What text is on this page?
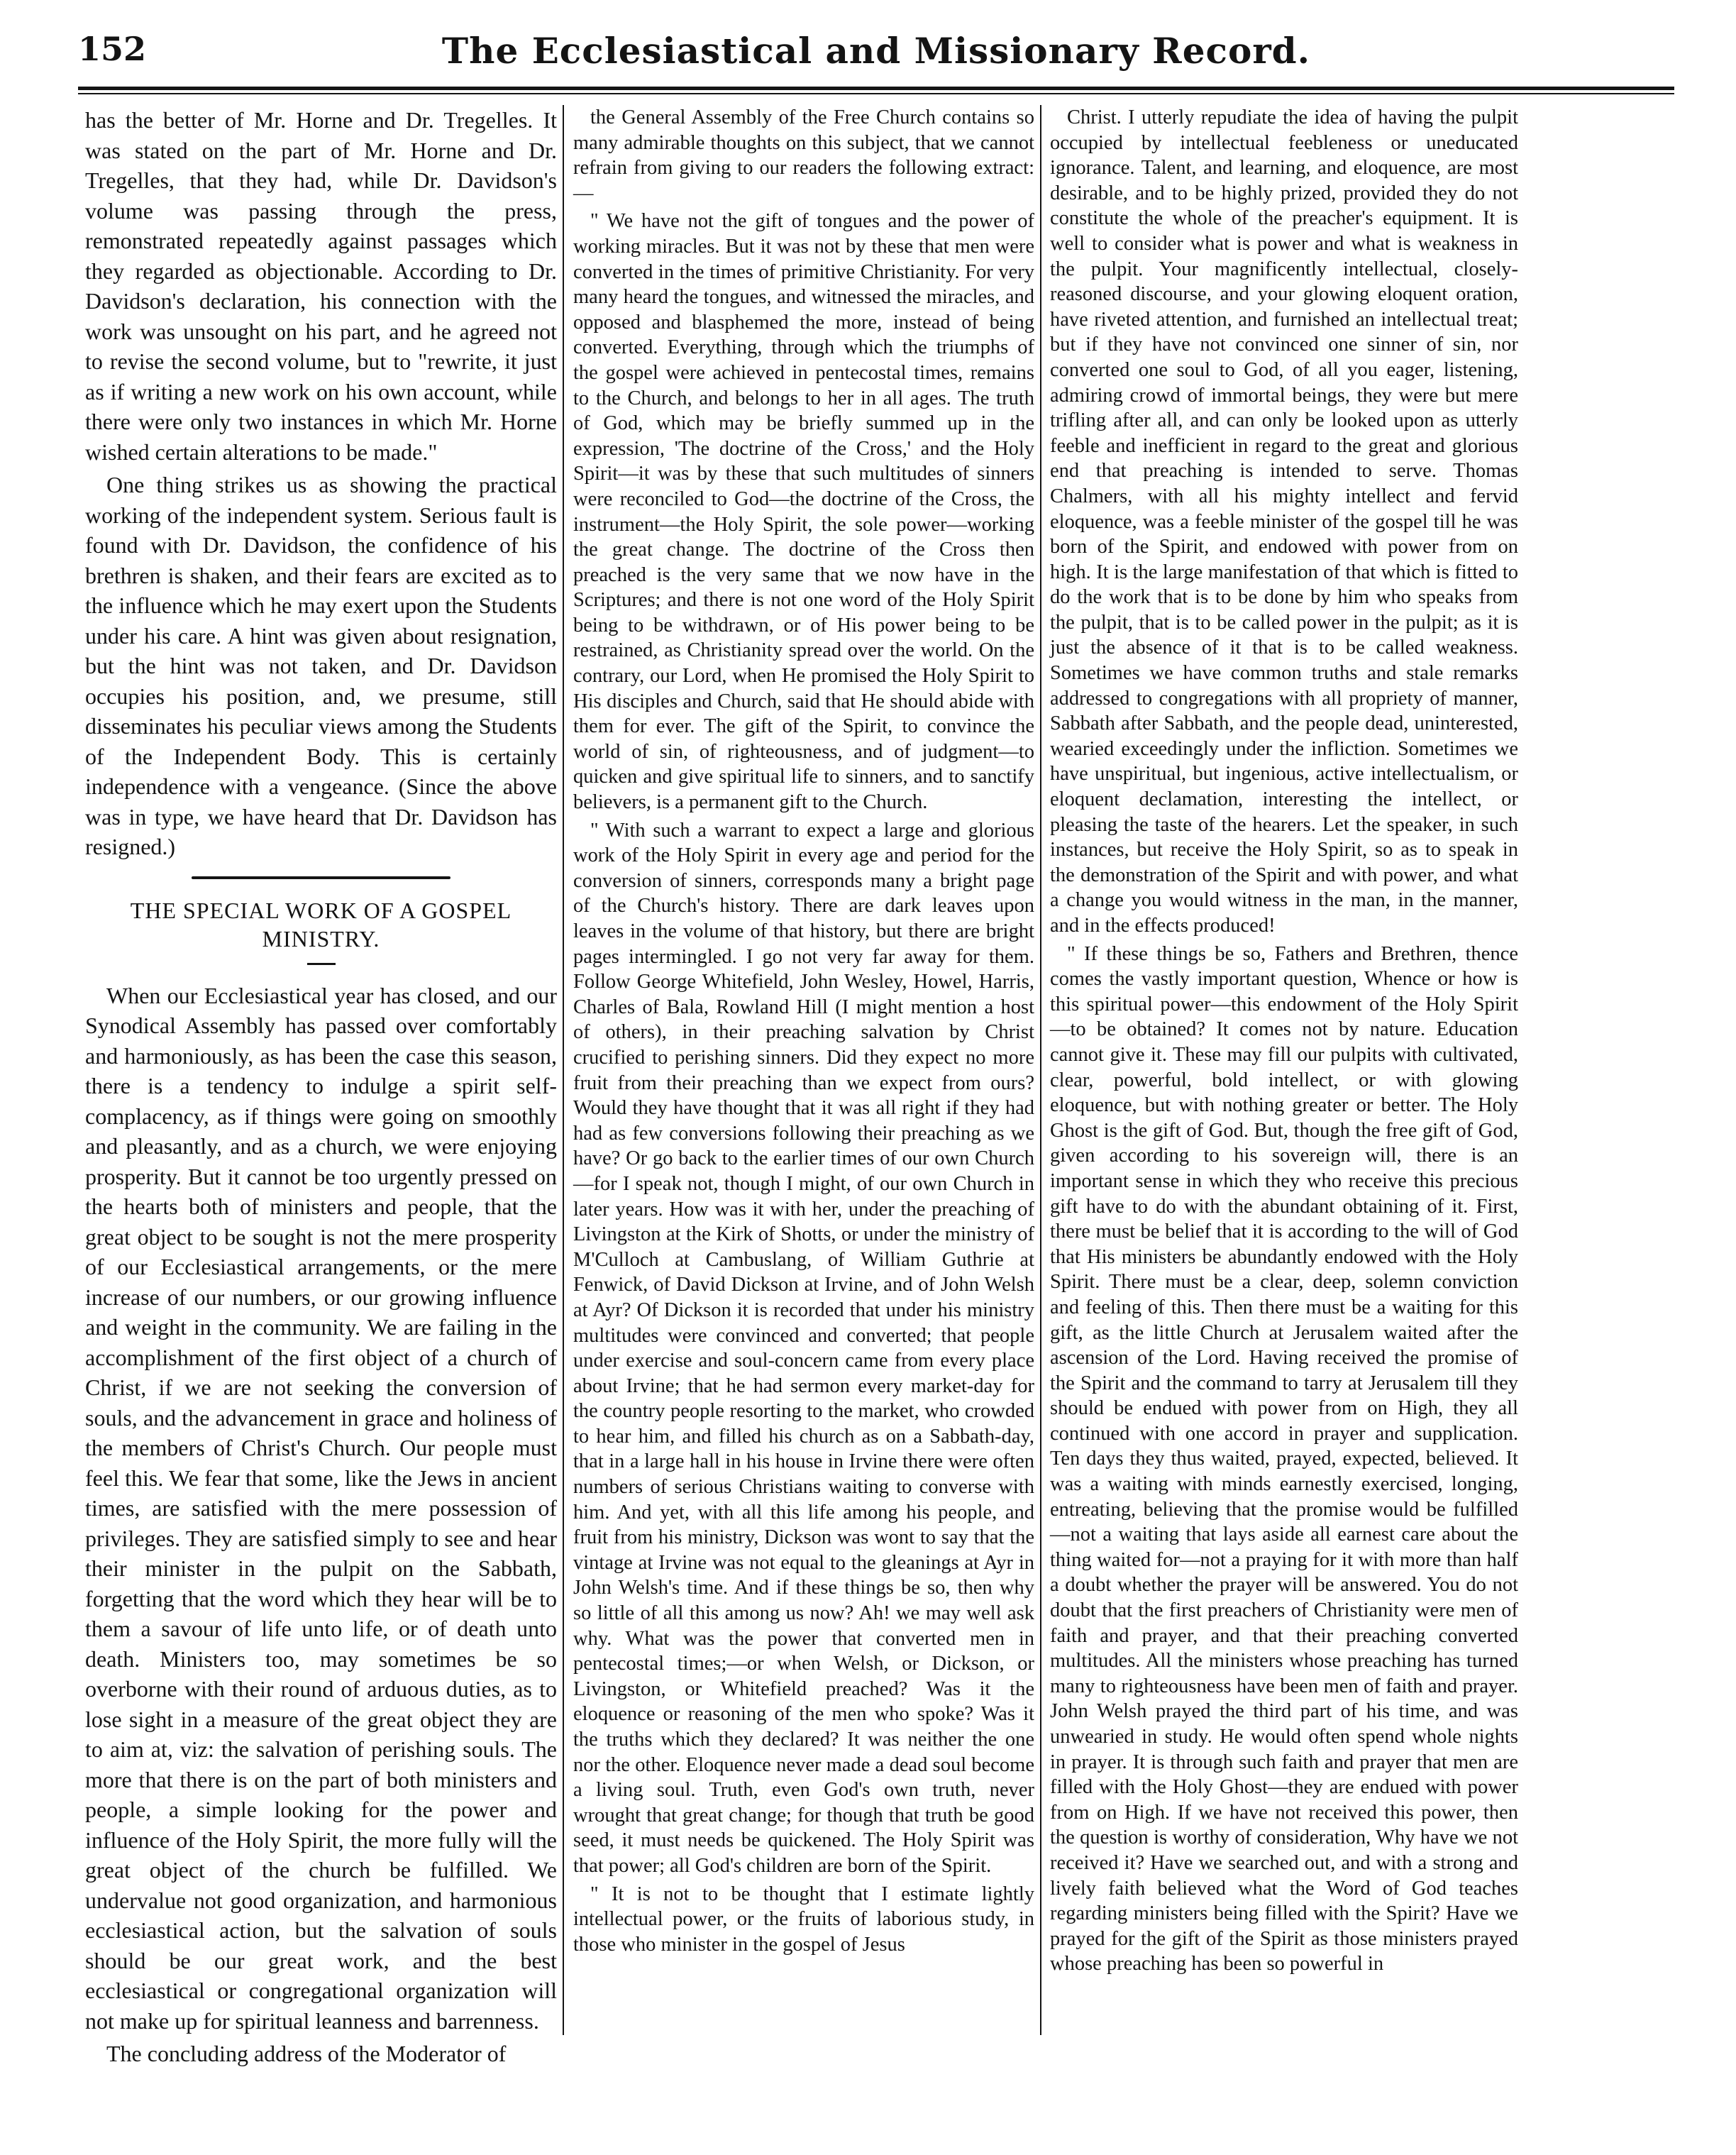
152	The Ecclesiastical and Missionary Record.

has the better of Mr. Horne and Dr. Tregelles. It was stated on the part of Mr. Horne and Dr. Tregelles, that they had, while Dr. Davidson's volume was passing through the press, remonstrated repeatedly against passages which they regarded as objectionable. According to Dr. Davidson's declaration, his connection with the work was unsought on his part, and he agreed not to revise the second volume, but to "rewrite, it just as if writing a new work on his own account, while there were only two instances in which Mr. Horne wished certain alterations to be made."

One thing strikes us as showing the practical working of the independent system. Serious fault is found with Dr. Davidson, the confidence of his brethren is shaken, and their fears are excited as to the influence which he may exert upon the Students under his care. A hint was given about resignation, but the hint was not taken, and Dr. Davidson occupies his position, and, we presume, still disseminates his peculiar views among the Students of the Independent Body. This is certainly independence with a vengeance. (Since the above was in type, we have heard that Dr. Davidson has resigned.)

THE SPECIAL WORK OF A GOSPEL MINISTRY.

When our Ecclesiastical year has closed, and our Synodical Assembly has passed over comfortably and harmoniously, as has been the case this season, there is a tendency to indulge a spirit self-complacency, as if things were going on smoothly and pleasantly, and as a church, we were enjoying prosperity. But it cannot be too urgently pressed on the hearts both of ministers and people, that the great object to be sought is not the mere prosperity of our Ecclesiastical arrangements, or the mere increase of our numbers, or our growing influence and weight in the community. We are failing in the accomplishment of the first object of a church of Christ, if we are not seeking the conversion of souls, and the advancement in grace and holiness of the members of Christ's Church. Our people must feel this. We fear that some, like the Jews in ancient times, are satisfied with the mere possession of privileges. They are satisfied simply to see and hear their minister in the pulpit on the Sabbath, forgetting that the word which they hear will be to them a savour of life unto life, or of death unto death. Ministers too, may sometimes be so overborne with their round of arduous duties, as to lose sight in a measure of the great object they are to aim at, viz: the salvation of perishing souls. The more that there is on the part of both ministers and people, a simple looking for the power and influence of the Holy Spirit, the more fully will the great object of the church be fulfilled. We undervalue not good organization, and harmonious ecclesiastical action, but the salvation of souls should be our great work, and the best ecclesiastical or congregational organization will not make up for spiritual leanness and barrenness.

The concluding address of the Moderator of

the General Assembly of the Free Church contains so many admirable thoughts on this subject, that we cannot refrain from giving to our readers the following extract:—

" We have not the gift of tongues and the power of working miracles. But it was not by these that men were converted in the times of primitive Christianity. For very many heard the tongues, and witnessed the miracles, and opposed and blasphemed the more, instead of being converted. Everything, through which the triumphs of the gospel were achieved in pentecostal times, remains to the Church, and belongs to her in all ages. The truth of God, which may be briefly summed up in the expression, 'The doctrine of the Cross,' and the Holy Spirit—it was by these that such multitudes of sinners were reconciled to God—the doctrine of the Cross, the instrument—the Holy Spirit, the sole power—working the great change. The doctrine of the Cross then preached is the very same that we now have in the Scriptures; and there is not one word of the Holy Spirit being to be withdrawn, or of His power being to be restrained, as Christianity spread over the world. On the contrary, our Lord, when He promised the Holy Spirit to His disciples and Church, said that He should abide with them for ever. The gift of the Spirit, to convince the world of sin, of righteousness, and of judgment—to quicken and give spiritual life to sinners, and to sanctify believers, is a permanent gift to the Church.

" With such a warrant to expect a large and glorious work of the Holy Spirit in every age and period for the conversion of sinners, corresponds many a bright page of the Church's history. There are dark leaves upon leaves in the volume of that history, but there are bright pages intermingled. I go not very far away for them. Follow George Whitefield, John Wesley, Howel, Harris, Charles of Bala, Rowland Hill (I might mention a host of others), in their preaching salvation by Christ crucified to perishing sinners. Did they expect no more fruit from their preaching than we expect from ours? Would they have thought that it was all right if they had had as few conversions following their preaching as we have? Or go back to the earlier times of our own Church—for I speak not, though I might, of our own Church in later years. How was it with her, under the preaching of Livingston at the Kirk of Shotts, or under the ministry of M'Culloch at Cambuslang, of William Guthrie at Fenwick, of David Dickson at Irvine, and of John Welsh at Ayr? Of Dickson it is recorded that under his ministry multitudes were convinced and converted; that people under exercise and soul-concern came from every place about Irvine; that he had sermon every market-day for the country people resorting to the market, who crowded to hear him, and filled his church as on a Sabbath-day, that in a large hall in his house in Irvine there were often numbers of serious Christians waiting to converse with him. And yet, with all this life among his people, and fruit from his ministry, Dickson was wont to say that the vintage at Irvine was not equal to the gleanings at Ayr in John Welsh's time. And if these things be so, then why so little of all this among us now? Ah! we may well ask why. What was the power that converted men in pentecostal times;—or when Welsh, or Dickson, or Livingston, or Whitefield preached? Was it the eloquence or reasoning of the men who spoke? Was it the truths which they declared? It was neither the one nor the other. Eloquence never made a dead soul become a living soul. Truth, even God's own truth, never wrought that great change; for though that truth be good seed, it must needs be quickened. The Holy Spirit was that power; all God's children are born of the Spirit.

" It is not to be thought that I estimate lightly intellectual power, or the fruits of laborious study, in those who minister in the gospel of Jesus

Christ. I utterly repudiate the idea of having the pulpit occupied by intellectual feebleness or uneducated ignorance. Talent, and learning, and eloquence, are most desirable, and to be highly prized, provided they do not constitute the whole of the preacher's equipment. It is well to consider what is power and what is weakness in the pulpit. Your magnificently intellectual, closely-reasoned discourse, and your glowing eloquent oration, have riveted attention, and furnished an intellectual treat; but if they have not convinced one sinner of sin, nor converted one soul to God, of all you eager, listening, admiring crowd of immortal beings, they were but mere trifling after all, and can only be looked upon as utterly feeble and inefficient in regard to the great and glorious end that preaching is intended to serve. Thomas Chalmers, with all his mighty intellect and fervid eloquence, was a feeble minister of the gospel till he was born of the Spirit, and endowed with power from on high. It is the large manifestation of that which is fitted to do the work that is to be done by him who speaks from the pulpit, that is to be called power in the pulpit; as it is just the absence of it that is to be called weakness. Sometimes we have common truths and stale remarks addressed to congregations with all propriety of manner, Sabbath after Sabbath, and the people dead, uninterested, wearied exceedingly under the infliction. Sometimes we have unspiritual, but ingenious, active intellectualism, or eloquent declamation, interesting the intellect, or pleasing the taste of the hearers. Let the speaker, in such instances, but receive the Holy Spirit, so as to speak in the demonstration of the Spirit and with power, and what a change you would witness in the man, in the manner, and in the effects produced!

" If these things be so, Fathers and Brethren, thence comes the vastly important question, Whence or how is this spiritual power—this endowment of the Holy Spirit—to be obtained? It comes not by nature. Education cannot give it. These may fill our pulpits with cultivated, clear, powerful, bold intellect, or with glowing eloquence, but with nothing greater or better. The Holy Ghost is the gift of God. But, though the free gift of God, given according to his sovereign will, there is an important sense in which they who receive this precious gift have to do with the abundant obtaining of it. First, there must be belief that it is according to the will of God that His ministers be abundantly endowed with the Holy Spirit. There must be a clear, deep, solemn conviction and feeling of this. Then there must be a waiting for this gift, as the little Church at Jerusalem waited after the ascension of the Lord. Having received the promise of the Spirit and the command to tarry at Jerusalem till they should be endued with power from on High, they all continued with one accord in prayer and supplication. Ten days they thus waited, prayed, expected, believed. It was a waiting with minds earnestly exercised, longing, entreating, believing that the promise would be fulfilled—not a waiting that lays aside all earnest care about the thing waited for—not a praying for it with more than half a doubt whether the prayer will be answered. You do not doubt that the first preachers of Christianity were men of faith and prayer, and that their preaching converted multitudes. All the ministers whose preaching has turned many to righteousness have been men of faith and prayer. John Welsh prayed the third part of his time, and was unwearied in study. He would often spend whole nights in prayer. It is through such faith and prayer that men are filled with the Holy Ghost—they are endued with power from on High. If we have not received this power, then the question is worthy of consideration, Why have we not received it? Have we searched out, and with a strong and lively faith believed what the Word of God teaches regarding ministers being filled with the Spirit? Have we prayed for the gift of the Spirit as those ministers prayed whose preaching has been so powerful in
